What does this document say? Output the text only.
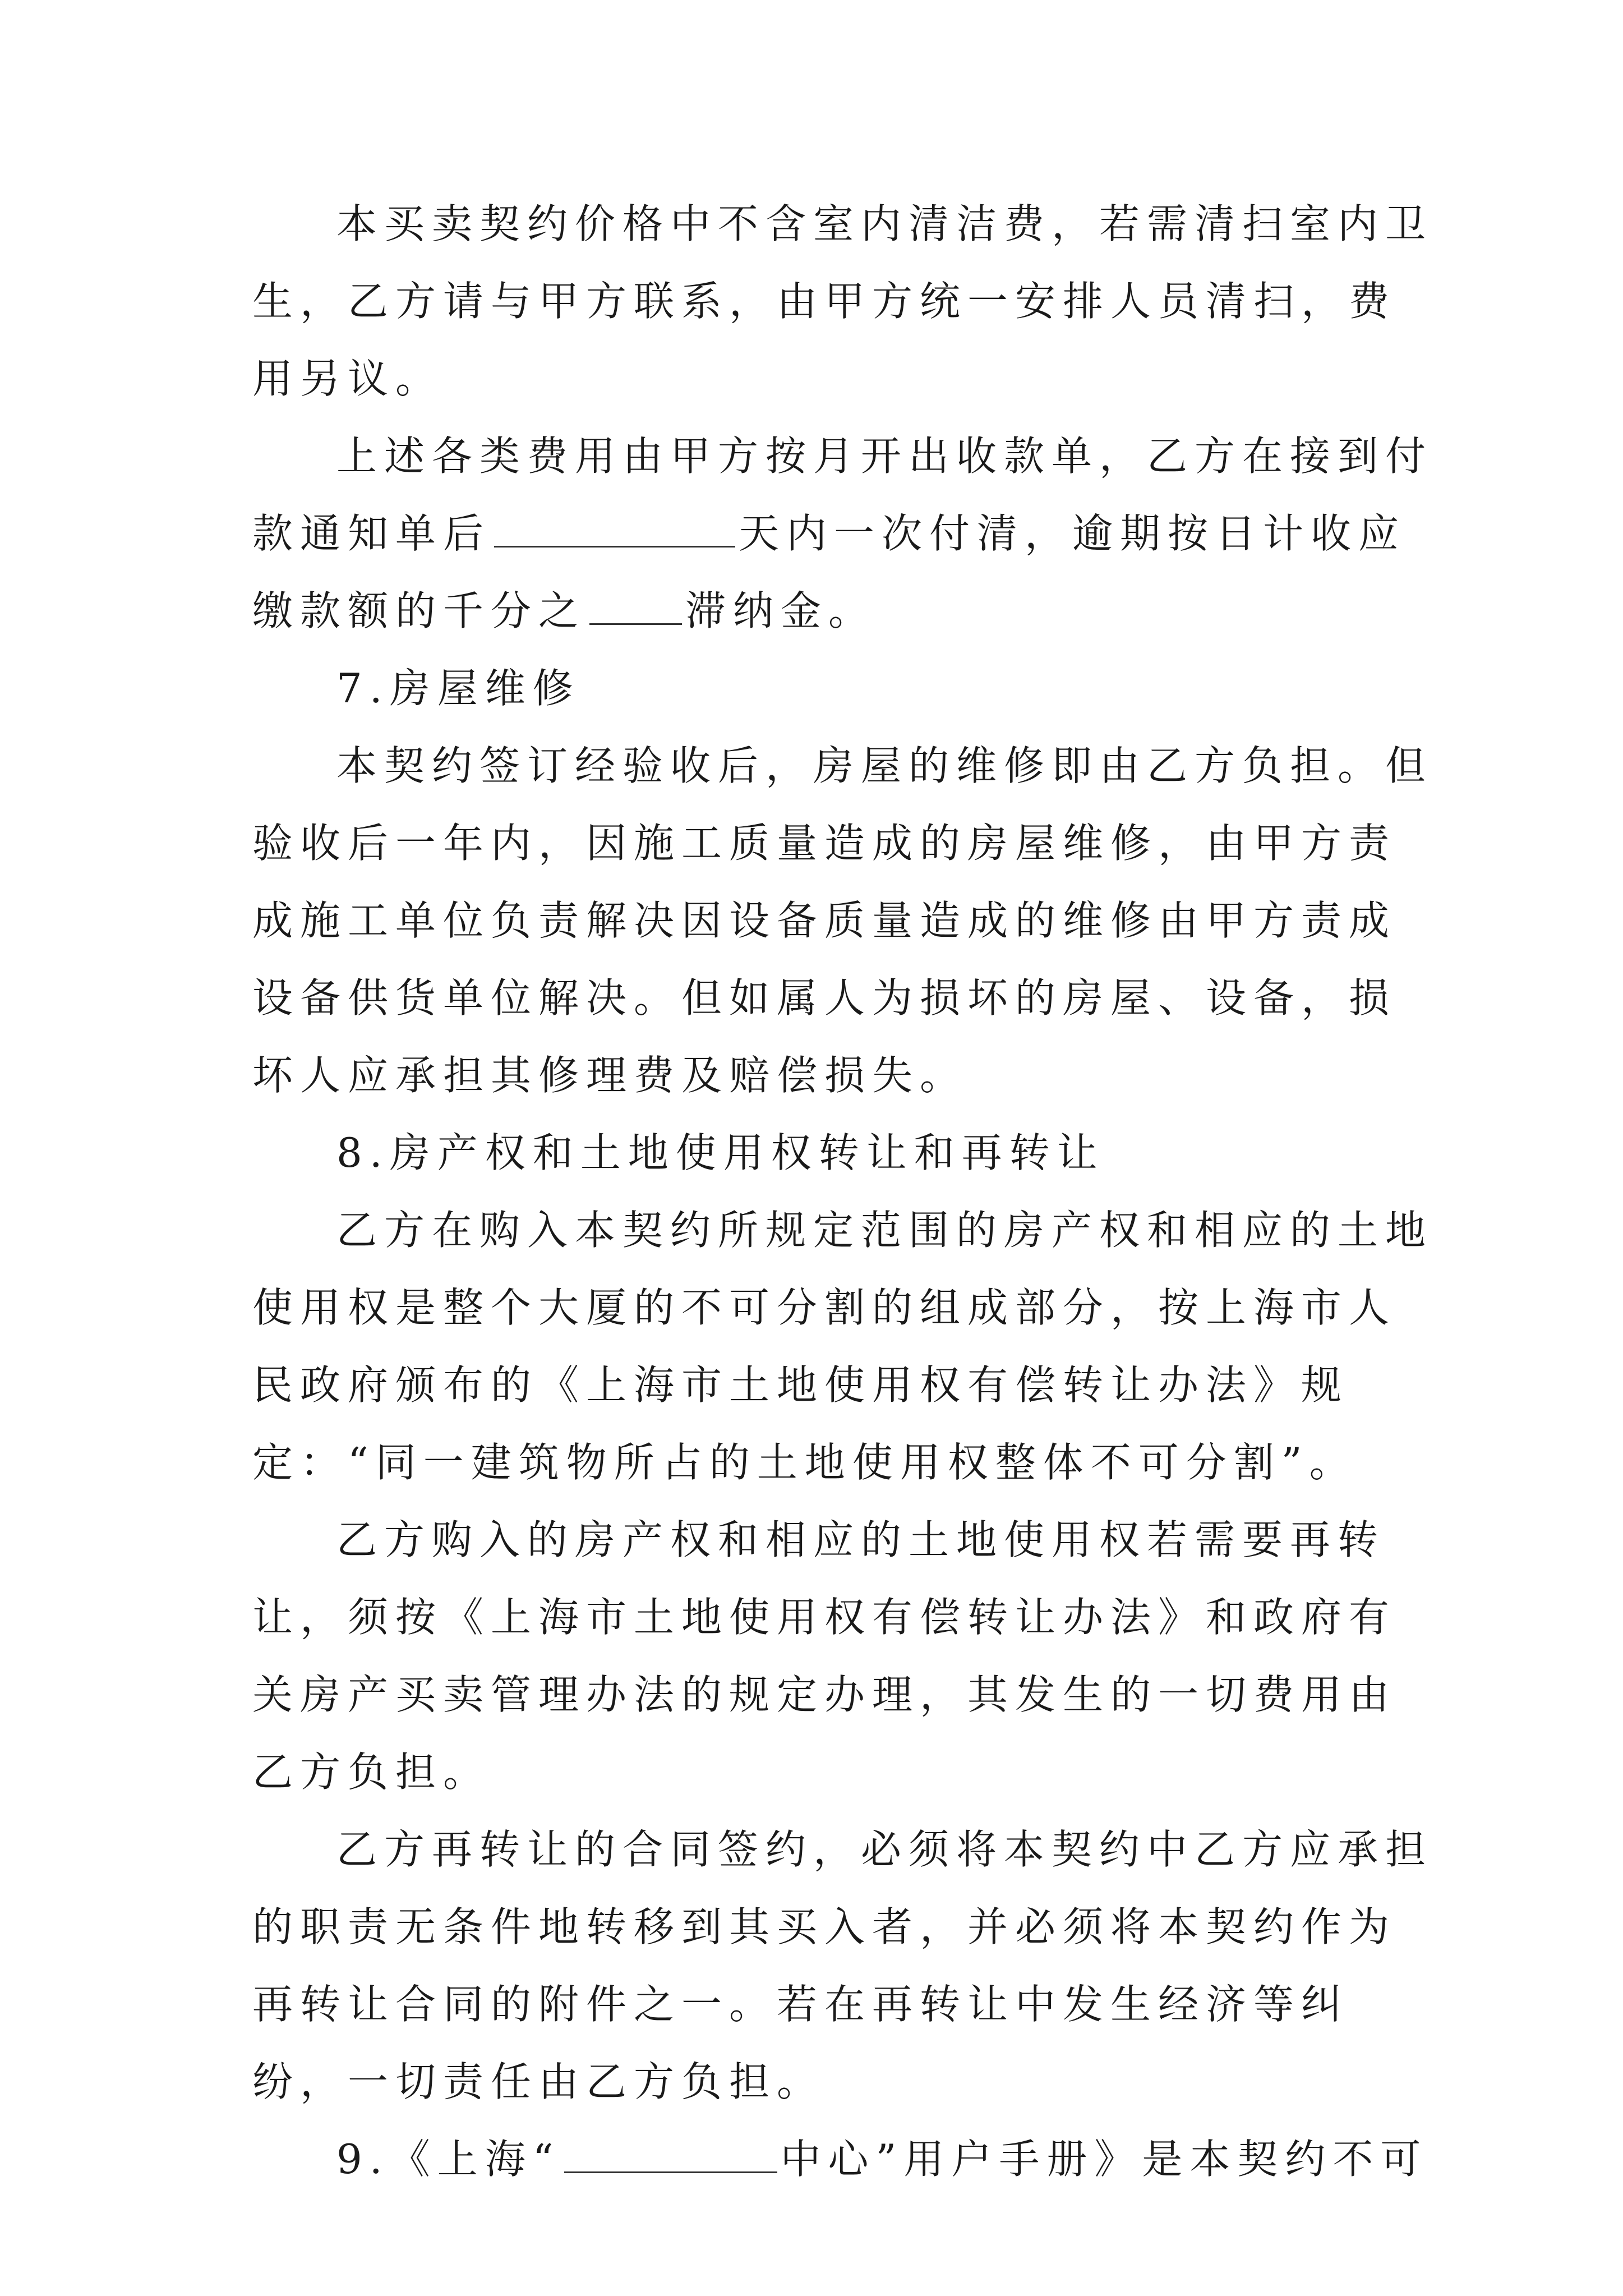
本买卖契约价格中不含室内清洁费，若需清扫室内卫生，乙方请与甲方联系，由甲方统一安排人员清扫，费用另议。

上述各类费用由甲方按月开出收款单，乙方在接到付款通知单后	天内一次付清，逾期按日计收应缴款额的千分之 滞纳金。

7.房屋维修

本契约签订经验收后，房屋的维修即由乙方负担。但验收后一年内，因施工质量造成的房屋维修，由甲方责成施工单位负责解决因设备质量造成的维修由甲方责成设备供货单位解决。但如属人为损坏的房屋、设备，损坏人应承担其修理费及赔偿损失。

8.房产权和土地使用权转让和再转让

乙方在购入本契约所规定范围的房产权和相应的土地使用权是整个大厦的不可分割的组成部分，按上海市人民政府颁布的《上海市土地使用权有偿转让办法》规定：“同一建筑物所占的土地使用权整体不可分割”。

乙方购入的房产权和相应的土地使用权若需要再转让，须按《上海市土地使用权有偿转让办法》和政府有关房产买卖管理办法的规定办理，其发生的一切费用由乙方负担。

乙方再转让的合同签约，必须将本契约中乙方应承担的职责无条件地转移到其买入者，并必须将本契约作为再转让合同的附件之一。若在再转让中发生经济等纠纷，一切责任由乙方负担。

9.《上海“	中心”用户手册》是本契约不可
